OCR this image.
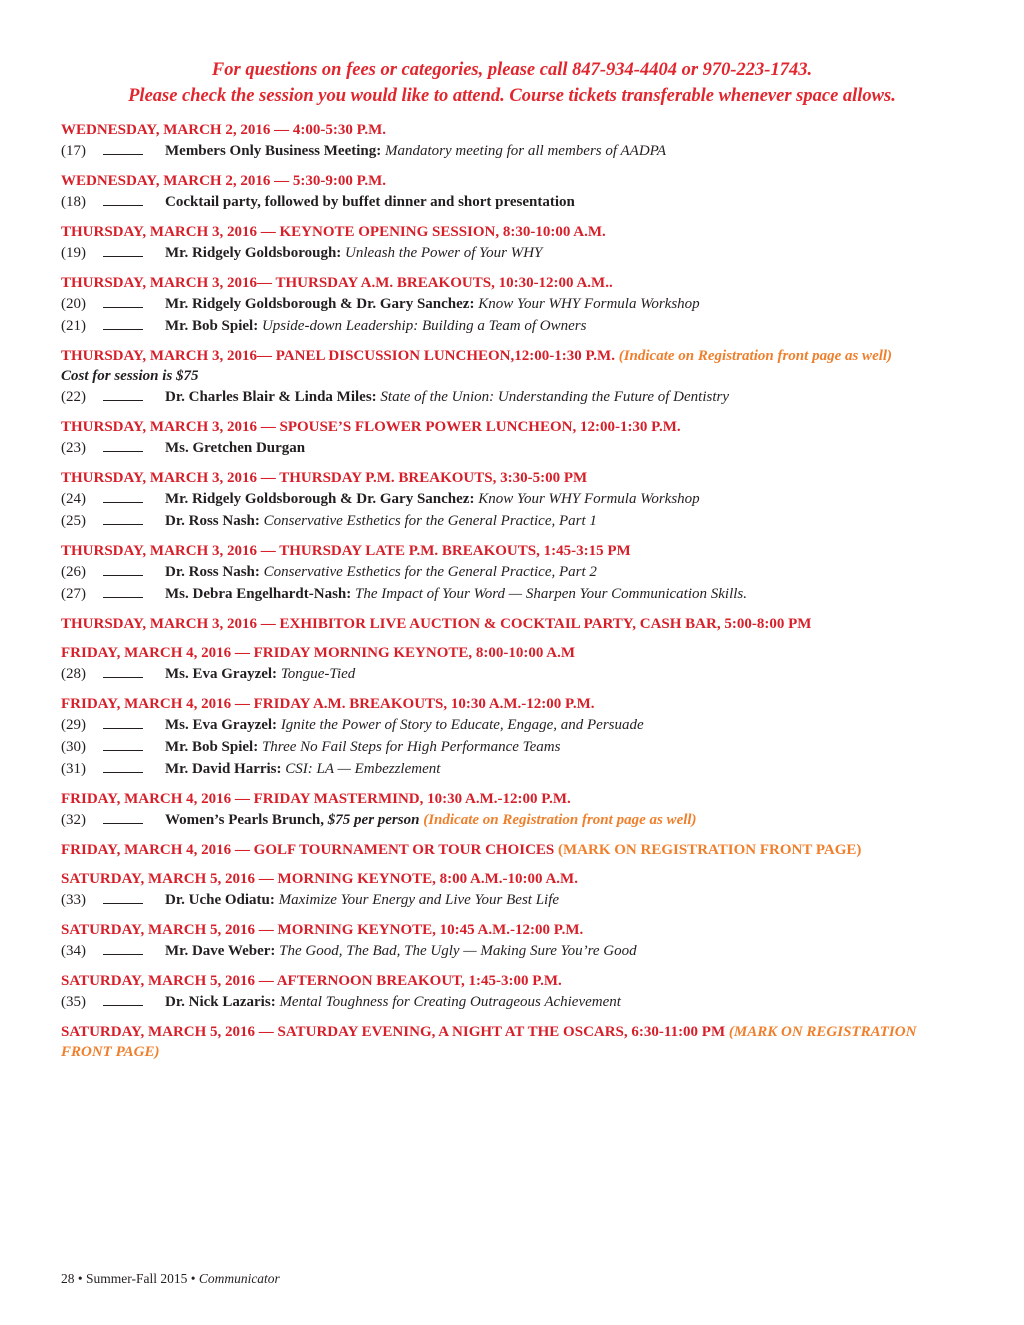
For questions on fees or categories, please call 847-934-4404 or 970-223-1743.
Please check the session you would like to attend. Course tickets transferable whenever space allows.
WEDNESDAY, MARCH 2, 2016 — 4:00-5:30 P.M.
(17)	Members Only Business Meeting: Mandatory meeting for all members of AADPA
WEDNESDAY, MARCH 2, 2016 — 5:30-9:00 P.M.
(18)	Cocktail party, followed by buffet dinner and short presentation
THURSDAY, MARCH 3, 2016 — KEYNOTE OPENING SESSION, 8:30-10:00 A.M.
(19)	Mr. Ridgely Goldsborough: Unleash the Power of Your WHY
THURSDAY, MARCH 3, 2016— THURSDAY A.M. BREAKOUTS, 10:30-12:00 A.M..
(20)	Mr. Ridgely Goldsborough & Dr. Gary Sanchez: Know Your WHY Formula Workshop
(21)	Mr. Bob Spiel: Upside-down Leadership: Building a Team of Owners
THURSDAY, MARCH 3, 2016— PANEL DISCUSSION LUNCHEON,12:00-1:30 P.M. (Indicate on Registration front page as well)
Cost for session is $75
(22)	Dr. Charles Blair & Linda Miles: State of the Union: Understanding the Future of Dentistry
THURSDAY, MARCH 3, 2016 — SPOUSE’S FLOWER POWER LUNCHEON, 12:00-1:30 P.M.
(23)	Ms. Gretchen Durgan
THURSDAY, MARCH 3, 2016 — THURSDAY P.M. BREAKOUTS, 3:30-5:00 PM
(24)	Mr. Ridgely Goldsborough & Dr. Gary Sanchez: Know Your WHY Formula Workshop
(25)	Dr. Ross Nash: Conservative Esthetics for the General Practice, Part 1
THURSDAY, MARCH 3, 2016 — THURSDAY LATE P.M. BREAKOUTS, 1:45-3:15 PM
(26)	Dr. Ross Nash: Conservative Esthetics for the General Practice, Part 2
(27)	Ms. Debra Engelhardt-Nash: The Impact of Your Word — Sharpen Your Communication Skills.
THURSDAY, MARCH 3, 2016 — EXHIBITOR LIVE AUCTION & COCKTAIL PARTY, CASH BAR, 5:00-8:00 PM
FRIDAY, MARCH 4, 2016 — FRIDAY MORNING KEYNOTE, 8:00-10:00 A.M
(28)	Ms. Eva Grayzel: Tongue-Tied
FRIDAY, MARCH 4, 2016 — FRIDAY A.M. BREAKOUTS, 10:30 A.M.-12:00 P.M.
(29)	Ms. Eva Grayzel: Ignite the Power of Story to Educate, Engage, and Persuade
(30)	Mr. Bob Spiel: Three No Fail Steps for High Performance Teams
(31)	Mr. David Harris: CSI: LA — Embezzlement
FRIDAY, MARCH 4, 2016 — FRIDAY MASTERMIND, 10:30 A.M.-12:00 P.M.
(32)	Women’s Pearls Brunch, $75 per person (Indicate on Registration front page as well)
FRIDAY, MARCH 4, 2016 — GOLF TOURNAMENT OR TOUR CHOICES (MARK ON REGISTRATION FRONT PAGE)
SATURDAY, MARCH 5, 2016 — MORNING KEYNOTE, 8:00 A.M.-10:00 A.M.
(33)	Dr. Uche Odiatu: Maximize Your Energy and Live Your Best Life
SATURDAY, MARCH 5, 2016 — MORNING KEYNOTE, 10:45 A.M.-12:00 P.M.
(34)	Mr. Dave Weber: The Good, The Bad, The Ugly — Making Sure You’re Good
SATURDAY, MARCH 5, 2016 — AFTERNOON BREAKOUT, 1:45-3:00 P.M.
(35)	Dr. Nick Lazaris: Mental Toughness for Creating Outrageous Achievement
SATURDAY, MARCH 5, 2016 — SATURDAY EVENING, A NIGHT AT THE OSCARS, 6:30-11:00 PM (MARK ON REGISTRATION FRONT PAGE)
28 • Summer-Fall 2015 • Communicator
